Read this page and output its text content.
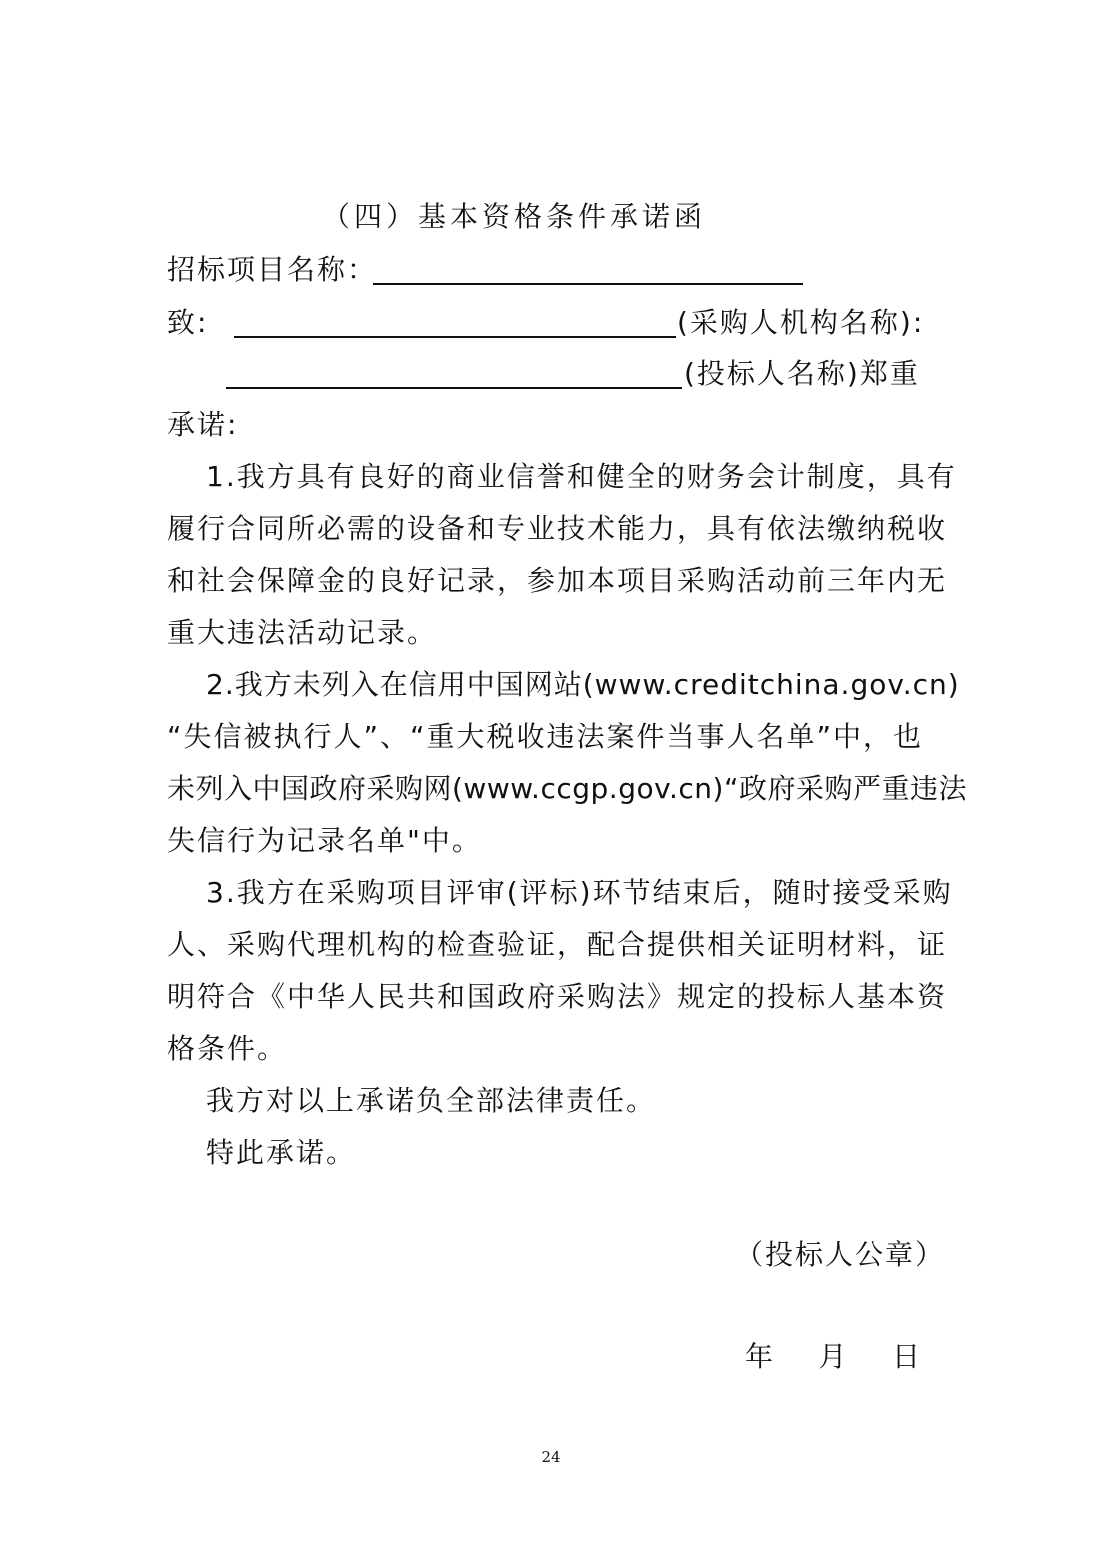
（四）基本资格条件承诺函
招标项目名称：
致:	(采购人机构名称):
(投标人名称)郑重
承诺:
1.我方具有良好的商业信誉和健全的财务会计制度，具有
履行合同所必需的设备和专业技术能力，具有依法缴纳税收
和社会保障金的良好记录，参加本项目采购活动前三年内无
重大违法活动记录。
2.我方未列入在信用中国网站(www.creditchina.gov.cn)
“失信被执行人”、“重大税收违法案件当事人名单”中，也
未列入中国政府采购网(www.ccgp.gov.cn)“政府采购严重违法
失信行为记录名单"中。
3.我方在采购项目评审(评标)环节结束后，随时接受采购
人、采购代理机构的检查验证，配合提供相关证明材料，证
明符合《中华人民共和国政府采购法》规定的投标人基本资
格条件。
我方对以上承诺负全部法律责任。
特此承诺。
（投标人公章）
年 月 日
24
